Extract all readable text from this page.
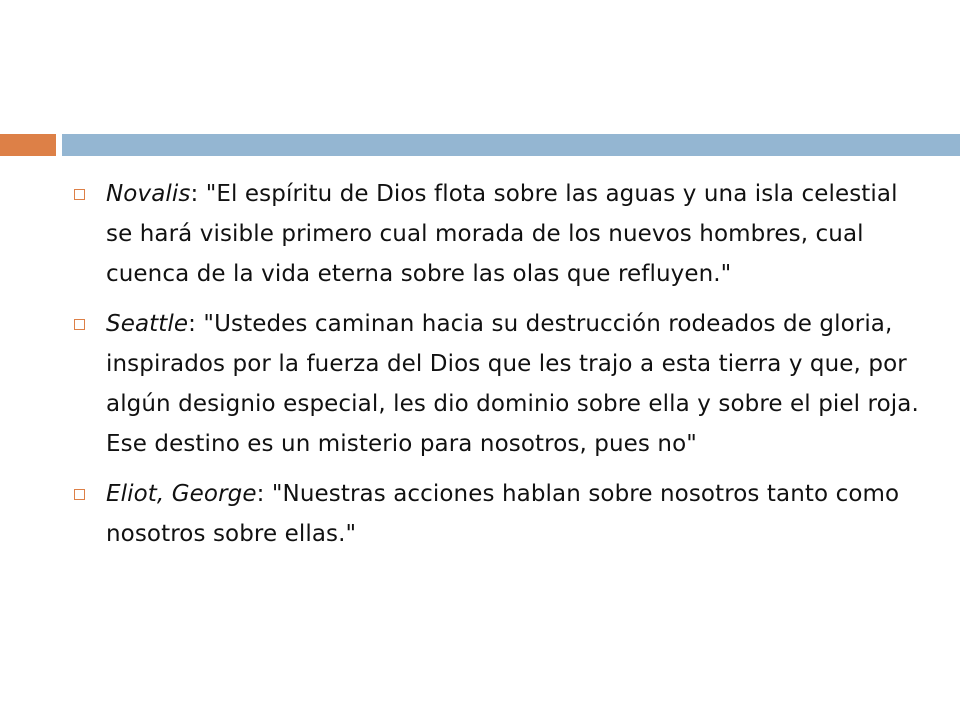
Novalis: "El espíritu de Dios flota sobre las aguas y una isla celestial se hará visible primero cual morada de los nuevos hombres, cual cuenca de la vida eterna sobre las olas que refluyen."
Seattle: "Ustedes caminan hacia su destrucción rodeados de gloria, inspirados por la fuerza del Dios que les trajo a esta tierra y que, por algún designio especial, les dio dominio sobre ella y sobre el piel roja. Ese destino es un misterio para nosotros, pues no"
Eliot, George: "Nuestras acciones hablan sobre nosotros tanto como nosotros sobre ellas."
